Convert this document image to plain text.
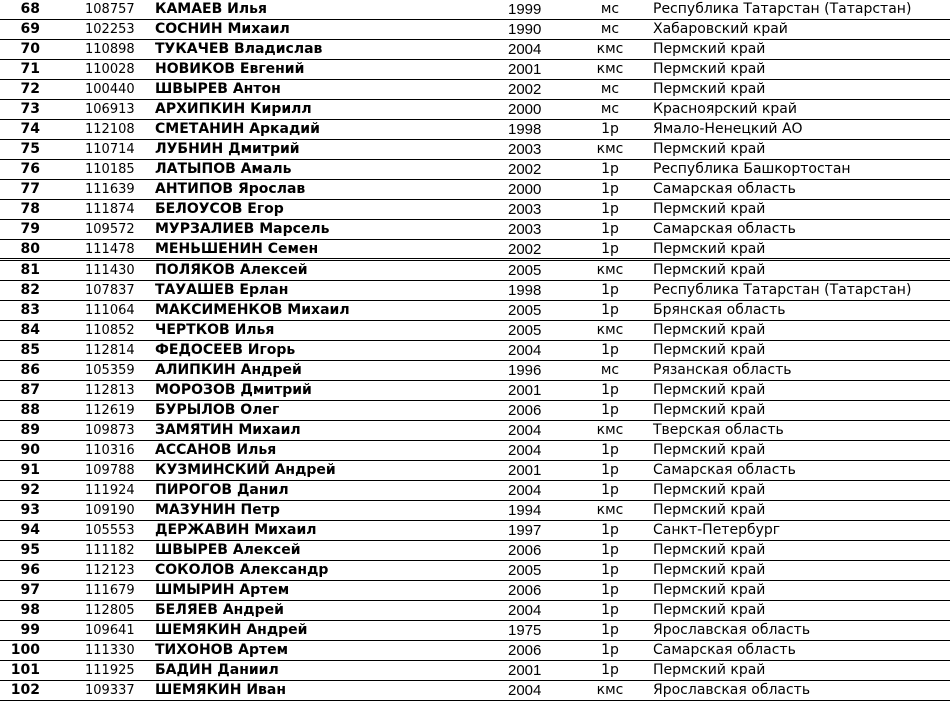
68	108757 КАМАЕВ Илья	1999	мс	Республика Татарстан (Татарстан)
69	102253 СОСНИН Михаил	1990	мс	Хабаровский край
70	110898 ТУКАЧЕВ Владислав	2004	кмс	Пермский край
71	110028 НОВИКОВ Евгений	2001	кмс	Пермский край
72	100440 ШВЫРЕВ Антон	2002	мс	Пермский край
73	106913 АРХИПКИН Кирилл	2000	мс	Красноярский край
74	112108 СМЕТАНИН Аркадий	1998	1р	Ямало-Ненецкий АО
75	110714 ЛУБНИН Дмитрий	2003	кмс	Пермский край
76	110185 ЛАТЫПОВ Амаль	2002	1р	Республика Башкортостан
77	111639 АНТИПОВ Ярослав	2000	1р	Самарская область
78	111874 БЕЛОУСОВ Егор	2003	1р	Пермский край
79	109572 МУРЗАЛИЕВ Марсель	2003	1р	Самарская область
80	111478 МЕНЬШЕНИН Семен	2002	1р	Пермский край
81	111430 ПОЛЯКОВ Алексей	2005	кмс	Пермский край
82	107837 ТАУАШЕВ Ерлан	1998	1р	Республика Татарстан (Татарстан)
83	111064 МАКСИМЕНКОВ Михаил	2005	1р	Брянская область
84	110852 ЧЕРТКОВ Илья	2005	кмс	Пермский край
85	112814 ФЕДОСЕЕВ Игорь	2004	1р	Пермский край
86	105359 АЛИПКИН Андрей	1996	мс	Рязанская область
87	112813 МОРОЗОВ Дмитрий	2001	1р	Пермский край
88	112619 БУРЫЛОВ Олег	2006	1р	Пермский край
89	109873 ЗАМЯТИН Михаил	2004	кмс	Тверская область
90	110316 АССАНОВ Илья	2004	1р	Пермский край
91	109788 КУЗМИНСКИЙ Андрей	2001	1р	Самарская область
92	111924 ПИРОГОВ Данил	2004	1р	Пермский край
93	109190 МАЗУНИН Петр	1994	кмс	Пермский край
94	105553 ДЕРЖАВИН Михаил	1997	1р	Санкт-Петербург
95	111182 ШВЫРЕВ Алексей	2006	1р	Пермский край
96	112123 СОКОЛОВ Александр	2005	1р	Пермский край
97	111679 ШМЫРИН Артем	2006	1р	Пермский край
98	112805 БЕЛЯЕВ Андрей	2004	1р	Пермский край
99	109641 ШЕМЯКИН Андрей	1975	1р	Ярославская область
100	111330 ТИХОНОВ Артем	2006	1р	Самарская область
101	111925 БАДИН Даниил	2001	1р	Пермский край
102	109337 ШЕМЯКИН Иван	2004	кмс	Ярославская область
